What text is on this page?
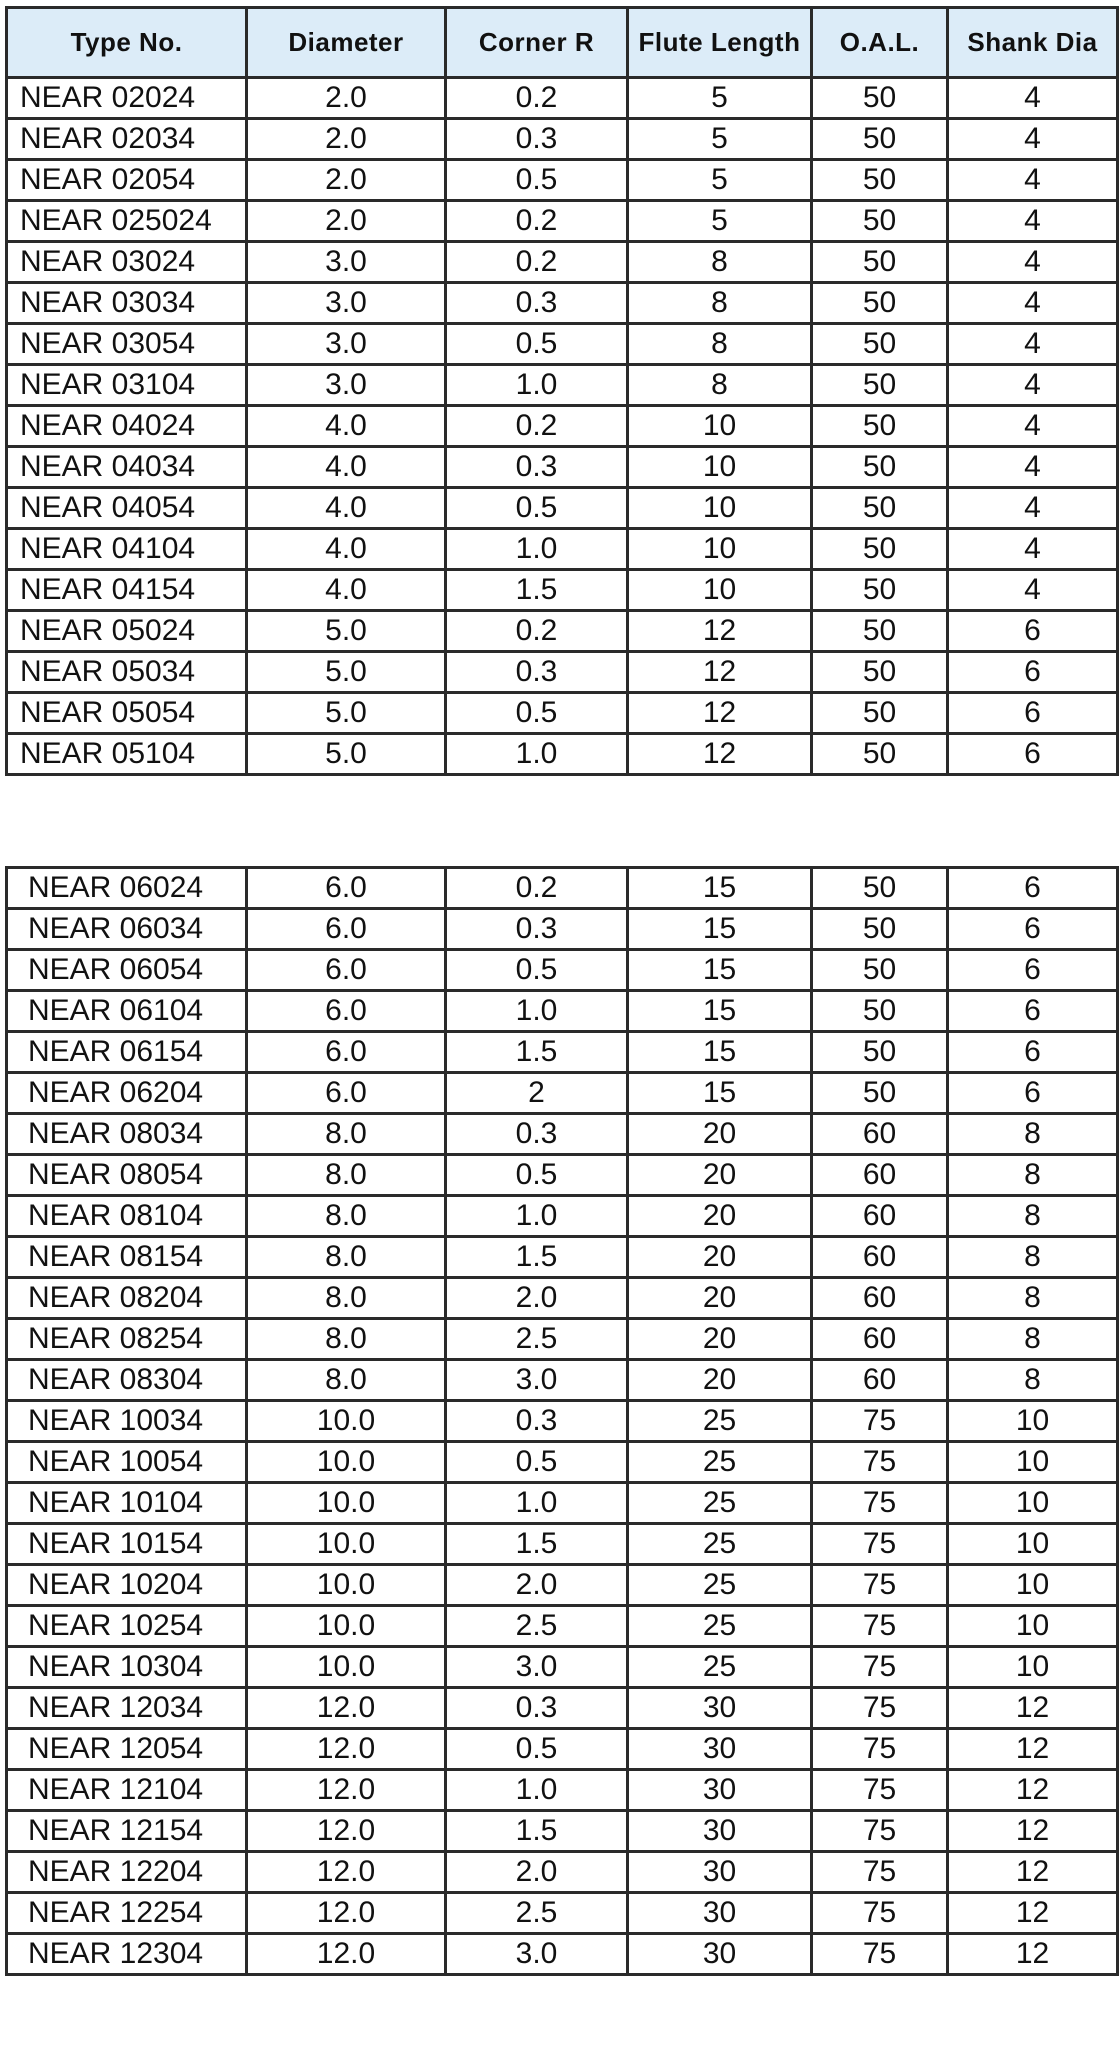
Type No.	Diameter	Corner R	Flute Length	O.A.L.	Shank Dia
NEAR 02024	2.0	0.2	5	50	4
NEAR 02034	2.0	0.3	5	50	4
NEAR 02054	2.0	0.5	5	50	4
NEAR 025024	2.0	0.2	5	50	4
NEAR 03024	3.0	0.2	8	50	4
NEAR 03034	3.0	0.3	8	50	4
NEAR 03054	3.0	0.5	8	50	4
NEAR 03104	3.0	1.0	8	50	4
NEAR 04024	4.0	0.2	10	50	4
NEAR 04034	4.0	0.3	10	50	4
NEAR 04054	4.0	0.5	10	50	4
NEAR 04104	4.0	1.0	10	50	4
NEAR 04154	4.0	1.5	10	50	4
NEAR 05024	5.0	0.2	12	50	6
NEAR 05034	5.0	0.3	12	50	6
NEAR 05054	5.0	0.5	12	50	6
NEAR 05104	5.0	1.0	12	50	6
NEAR 06024	6.0	0.2	15	50	6
NEAR 06034	6.0	0.3	15	50	6
NEAR 06054	6.0	0.5	15	50	6
NEAR 06104	6.0	1.0	15	50	6
NEAR 06154	6.0	1.5	15	50	6
NEAR 06204	6.0	2	15	50	6
NEAR 08034	8.0	0.3	20	60	8
NEAR 08054	8.0	0.5	20	60	8
NEAR 08104	8.0	1.0	20	60	8
NEAR 08154	8.0	1.5	20	60	8
NEAR 08204	8.0	2.0	20	60	8
NEAR 08254	8.0	2.5	20	60	8
NEAR 08304	8.0	3.0	20	60	8
NEAR 10034	10.0	0.3	25	75	10
NEAR 10054	10.0	0.5	25	75	10
NEAR 10104	10.0	1.0	25	75	10
NEAR 10154	10.0	1.5	25	75	10
NEAR 10204	10.0	2.0	25	75	10
NEAR 10254	10.0	2.5	25	75	10
NEAR 10304	10.0	3.0	25	75	10
NEAR 12034	12.0	0.3	30	75	12
NEAR 12054	12.0	0.5	30	75	12
NEAR 12104	12.0	1.0	30	75	12
NEAR 12154	12.0	1.5	30	75	12
NEAR 12204	12.0	2.0	30	75	12
NEAR 12254	12.0	2.5	30	75	12
NEAR 12304	12.0	3.0	30	75	12
